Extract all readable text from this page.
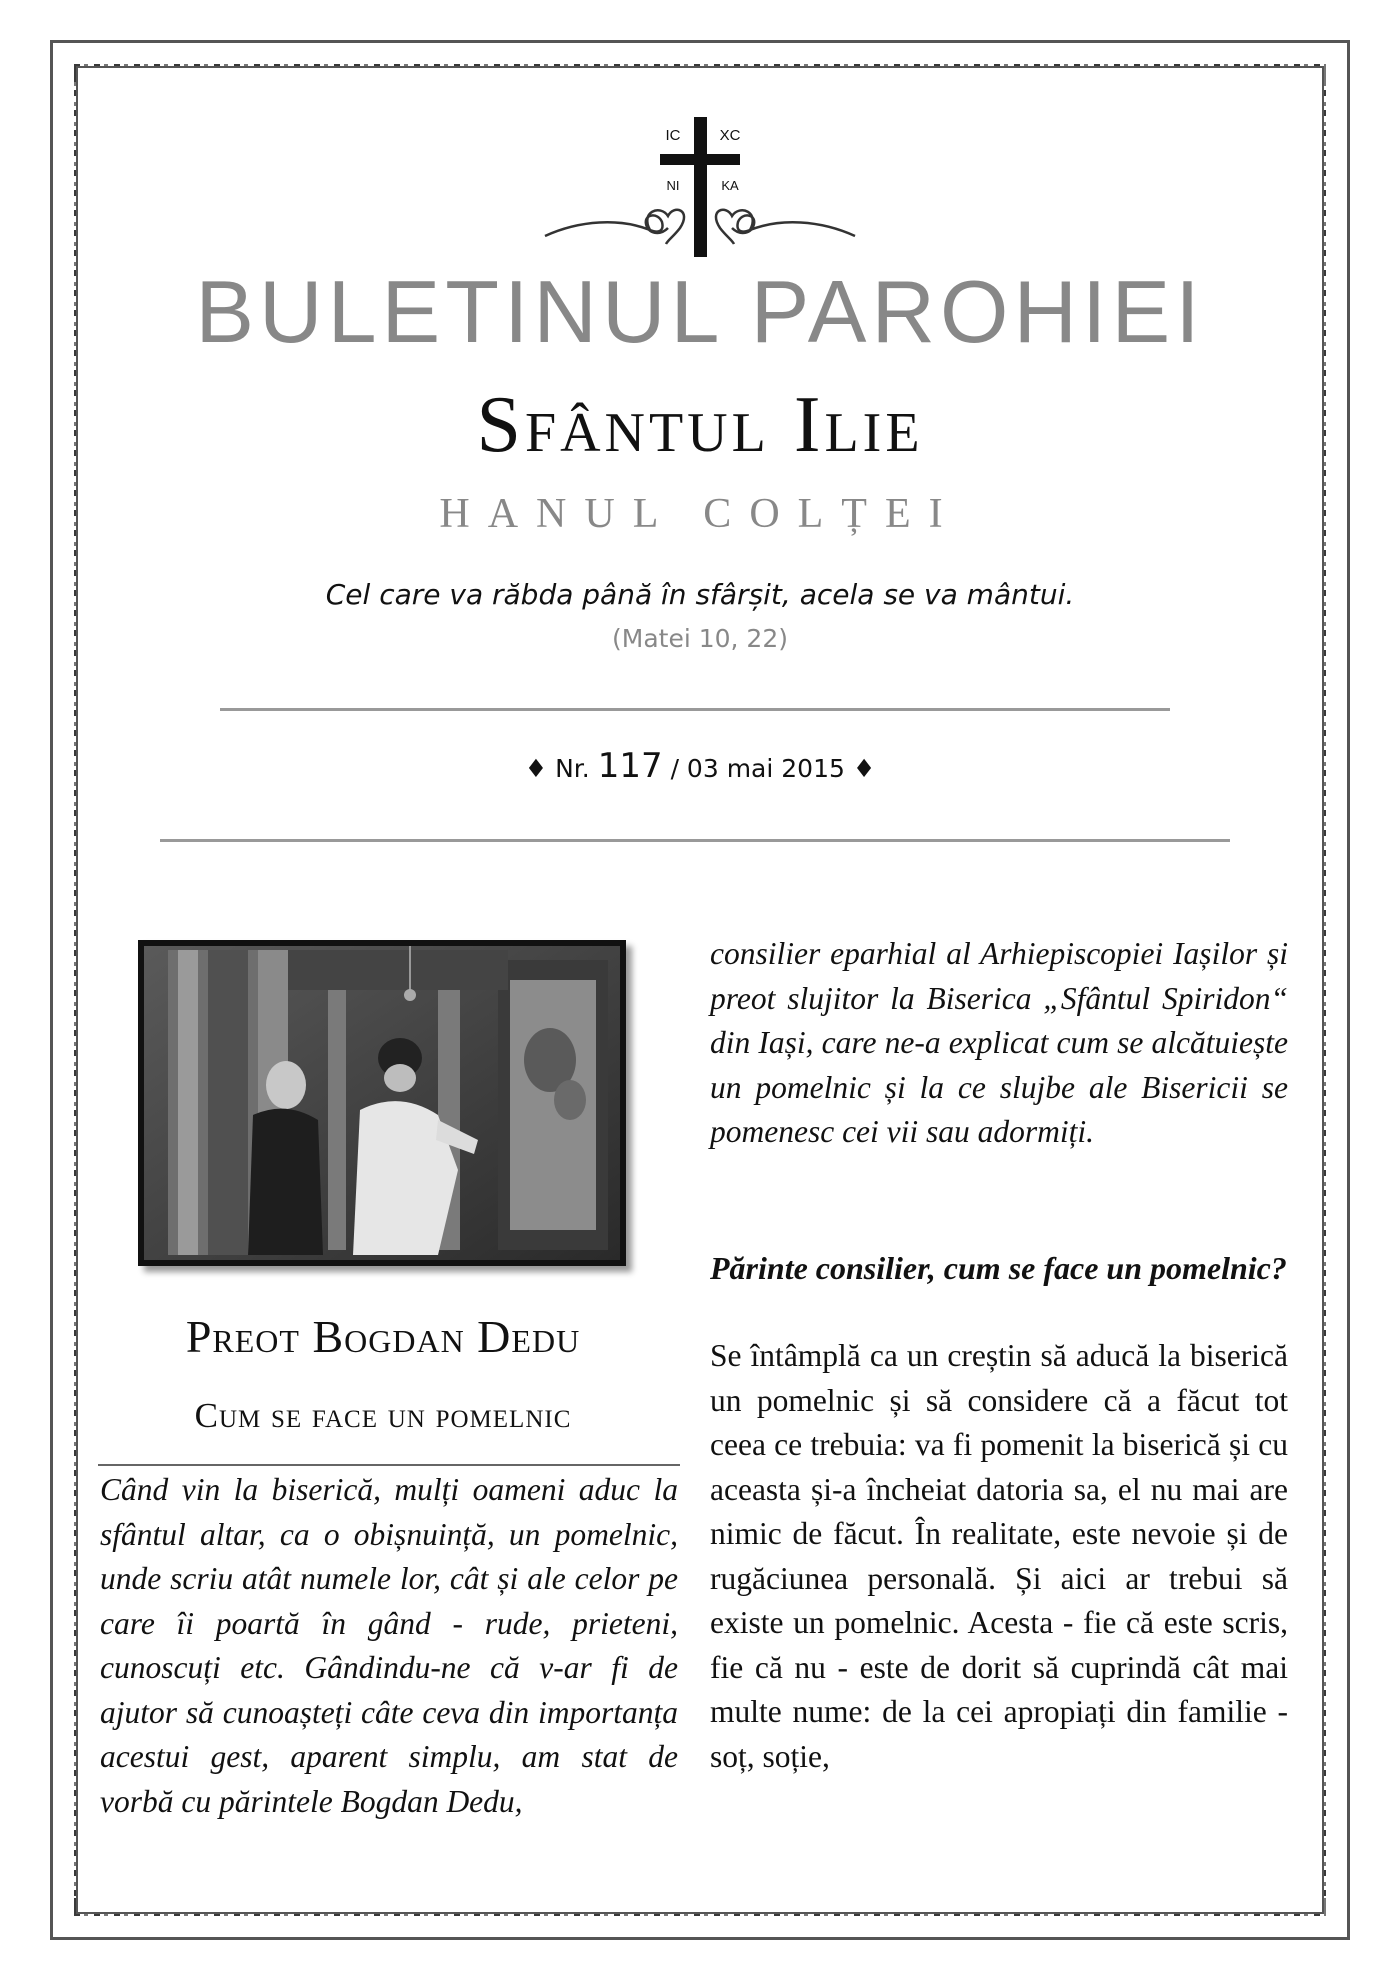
IC	XC
NI	KA
BULETINUL PAROHIEI
Sfântul Ilie
HANUL COLȚEI
Cel care va răbda până în sfârșit, acela se va mântui.
(Matei 10, 22)
♦ Nr. 117 / 03 mai 2015 ♦
Preot Bogdan Dedu
Cum se face un pomelnic
Când vin la biserică, mulți oameni aduc la sfântul altar, ca o obișnuință, un pomelnic, unde scriu atât numele lor, cât și ale celor pe care îi poartă în gând - rude, prieteni, cunoscuți etc. Gândindu-ne că v-ar fi de ajutor să cunoașteți câte ceva din importanța acestui gest, aparent simplu, am stat de vorbă cu părintele Bogdan Dedu,
consilier eparhial al Arhiepiscopiei Iașilor și preot slujitor la Biserica „Sfântul Spiridon“ din Iași, care ne-a explicat cum se alcătuiește un pomelnic și la ce slujbe ale Bisericii se pomenesc cei vii sau adormiți.
Părinte consilier, cum se face un pomelnic?
Se întâmplă ca un creștin să aducă la biserică un pomelnic și să considere că a făcut tot ceea ce trebuia: va fi pomenit la biserică și cu aceasta și-a încheiat datoria sa, el nu mai are nimic de făcut. În realitate, este nevoie și de rugăciunea personală. Și aici ar trebui să existe un pomelnic. Acesta - fie că este scris, fie că nu - este de dorit să cuprindă cât mai multe nume: de la cei apropiați din familie - soț, soție,
